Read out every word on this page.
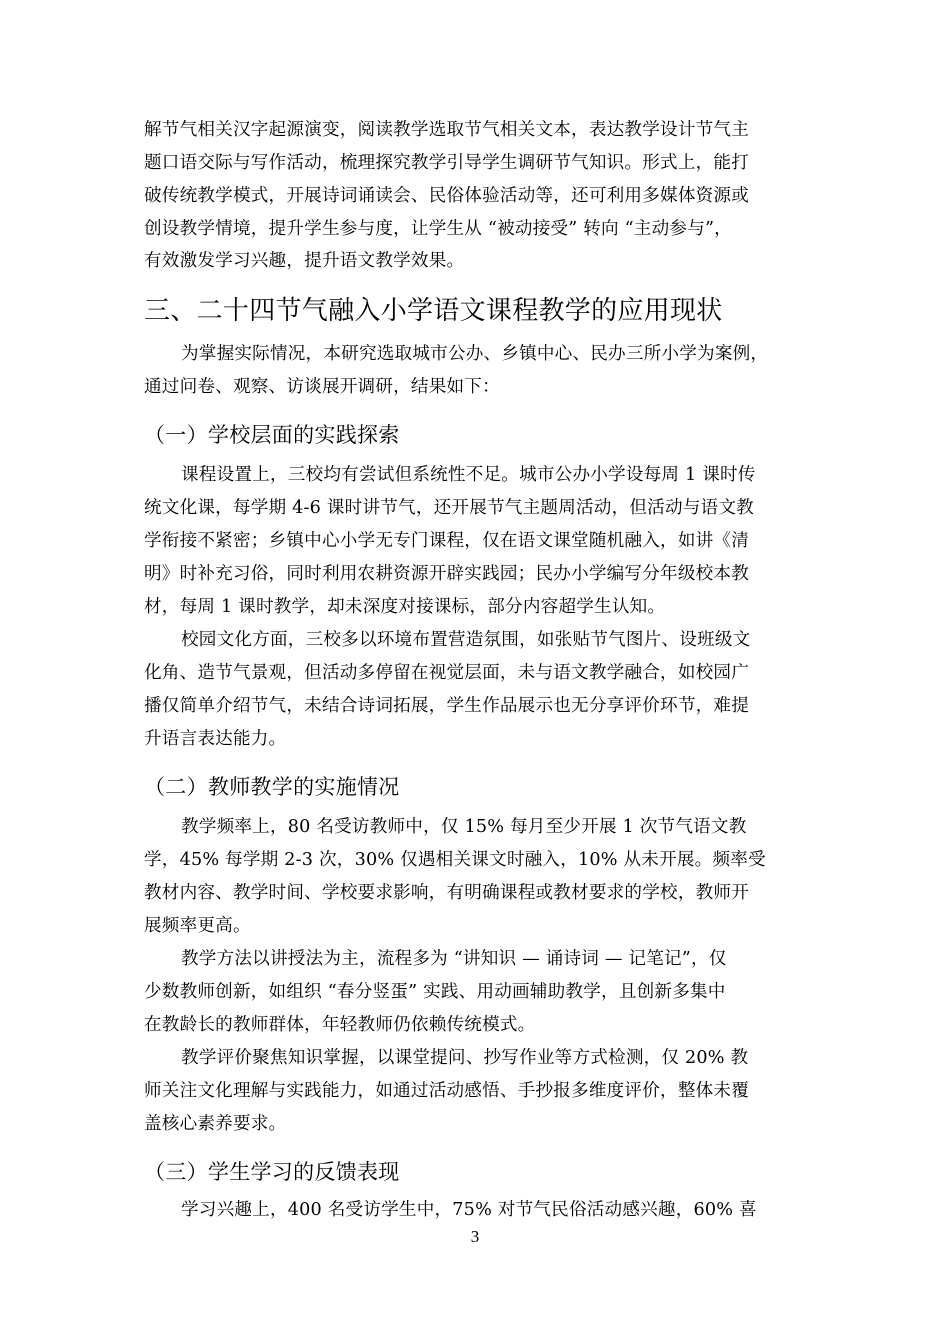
解节气相关汉字起源演变，阅读教学选取节气相关文本，表达教学设计节气主
题口语交际与写作活动，梳理探究教学引导学生调研节气知识。形式上，能打
破传统教学模式，开展诗词诵读会、民俗体验活动等，还可利用多媒体资源或
创设教学情境，提升学生参与度，让学生从 “被动接受” 转向 “主动参与”，
有效激发学习兴趣，提升语文教学效果。
三、二十四节气融入小学语文课程教学的应用现状
为掌握实际情况，本研究选取城市公办、乡镇中心、民办三所小学为案例，
通过问卷、观察、访谈展开调研，结果如下：
（一）学校层面的实践探索
课程设置上，三校均有尝试但系统性不足。城市公办小学设每周 1 课时传
统文化课，每学期 4-6 课时讲节气，还开展节气主题周活动，但活动与语文教
学衔接不紧密；乡镇中心小学无专门课程，仅在语文课堂随机融入，如讲《清
明》时补充习俗，同时利用农耕资源开辟实践园；民办小学编写分年级校本教
材，每周 1 课时教学，却未深度对接课标，部分内容超学生认知。
校园文化方面，三校多以环境布置营造氛围，如张贴节气图片、设班级文
化角、造节气景观，但活动多停留在视觉层面，未与语文教学融合，如校园广
播仅简单介绍节气，未结合诗词拓展，学生作品展示也无分享评价环节，难提
升语言表达能力。
（二）教师教学的实施情况
教学频率上，80 名受访教师中，仅 15% 每月至少开展 1 次节气语文教
学，45% 每学期 2-3 次，30% 仅遇相关课文时融入，10% 从未开展。频率受
教材内容、教学时间、学校要求影响，有明确课程或教材要求的学校，教师开
展频率更高。
教学方法以讲授法为主，流程多为 “讲知识 — 诵诗词 — 记笔记”，仅
少数教师创新，如组织 “春分竖蛋” 实践、用动画辅助教学，且创新多集中
在教龄长的教师群体，年轻教师仍依赖传统模式。
教学评价聚焦知识掌握，以课堂提问、抄写作业等方式检测，仅 20% 教
师关注文化理解与实践能力，如通过活动感悟、手抄报多维度评价，整体未覆
盖核心素养要求。
（三）学生学习的反馈表现
学习兴趣上，400 名受访学生中，75% 对节气民俗活动感兴趣，60% 喜
3
